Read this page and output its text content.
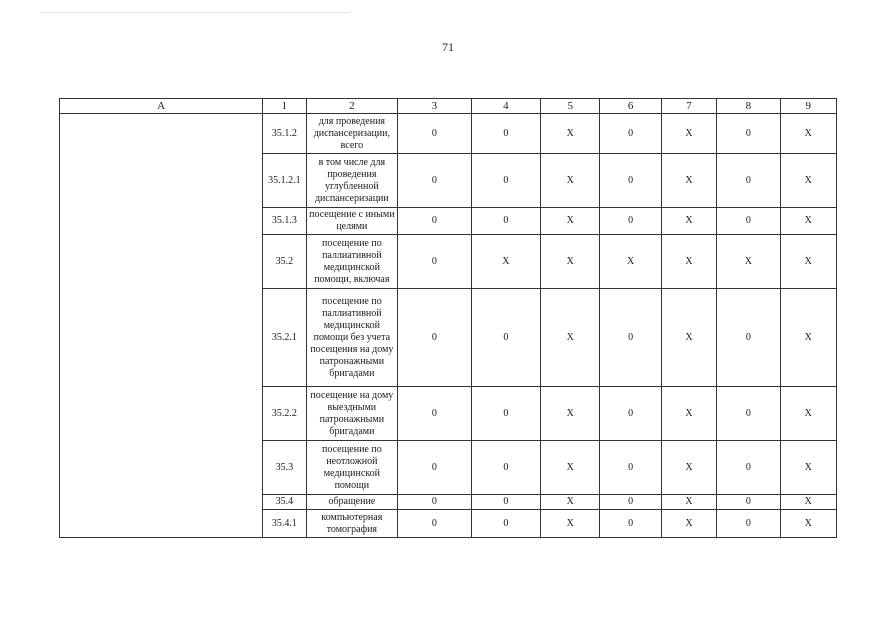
71
А	1	2	3	4	5	6	7	8	9
	35.1.2	для проведения диспансеризации, всего	0	0	Х	0	Х	0	Х
	35.1.2.1	в том числе для проведения углубленной диспансеризации	0	0	Х	0	Х	0	Х
	35.1.3	посещение с иными целями	0	0	Х	0	Х	0	Х
	35.2	посещение по паллиативной медицинской помощи, включая	0	Х	Х	Х	Х	Х	Х
	35.2.1	посещение по паллиативной медицинской помощи без учета посещения на дому патронажными бригадами	0	0	Х	0	Х	0	Х
	35.2.2	посещение на дому выездными патронажными бригадами	0	0	Х	0	Х	0	Х
	35.3	посещение по неотложной медицинской помощи	0	0	Х	0	Х	0	Х
	35.4	обращение	0	0	Х	0	Х	0	Х
	35.4.1	компьютерная томография	0	0	Х	0	Х	0	Х
